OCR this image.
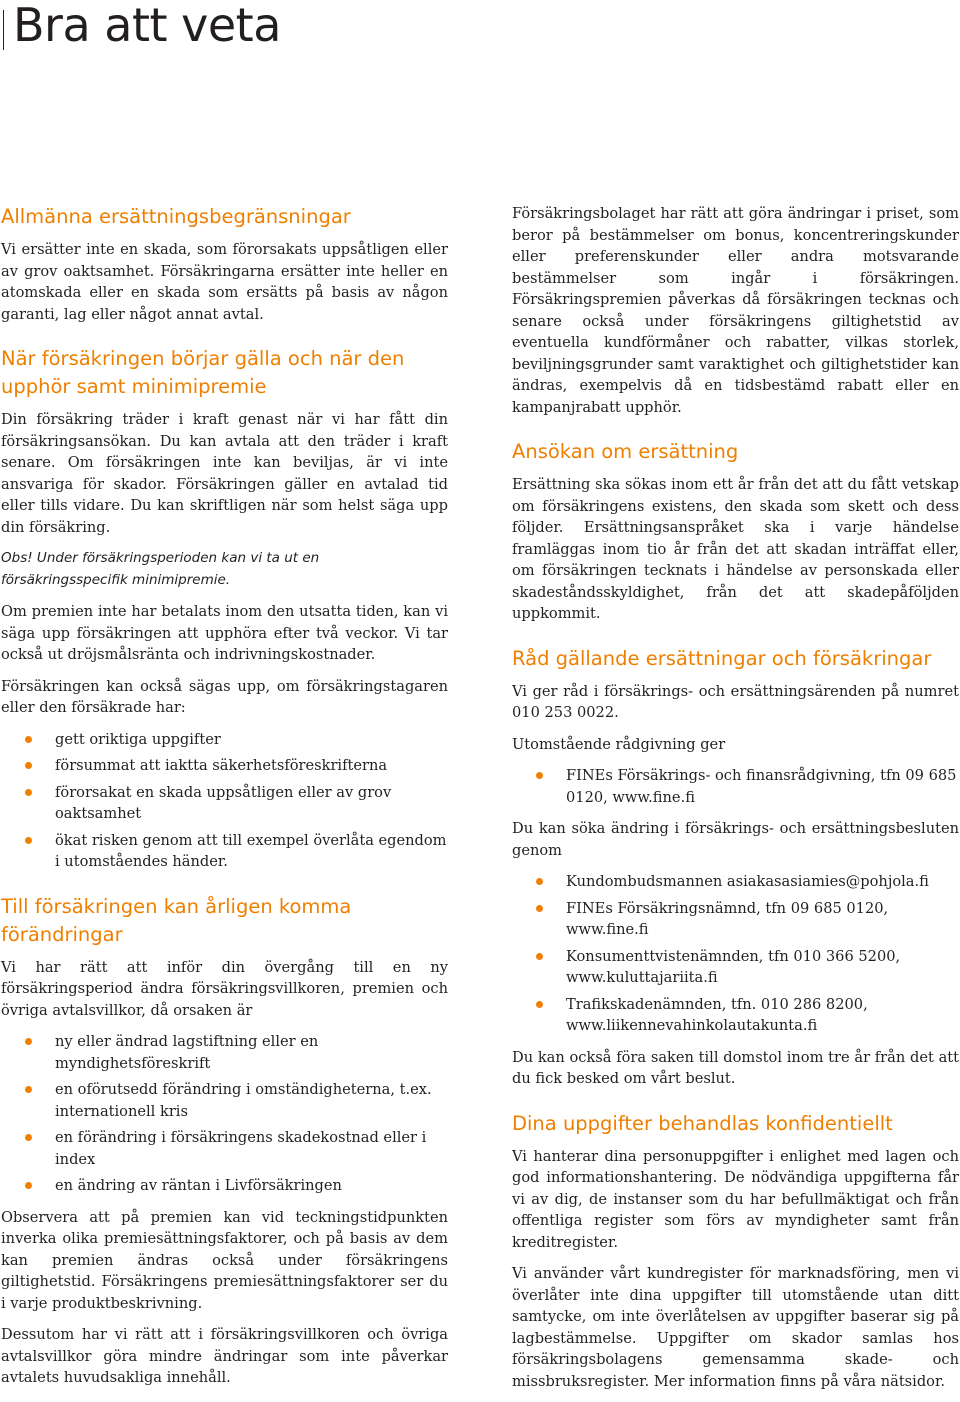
Bra att veta
Allmänna ersättningsbegränsningar

Vi ersätter inte en skada, som förorsakats uppsåtligen eller av grov oaktsamhet. Försäkringarna ersätter inte heller en atomskada eller en skada som ersätts på basis av någon garanti, lag eller något annat avtal.

När försäkringen börjar gälla och när den upphör samt minimipremie

Din försäkring träder i kraft genast när vi har fått din försäkringsansökan. Du kan avtala att den träder i kraft senare. Om försäkringen inte kan beviljas, är vi inte ansvariga för skador. Försäkringen gäller en avtalad tid eller tills vidare. Du kan skriftligen när som helst säga upp din försäkring.

Obs! Under försäkringsperioden kan vi ta ut en försäkringsspecifik minimipremie.

Om premien inte har betalats inom den utsatta tiden, kan vi säga upp försäkringen att upphöra efter två veckor. Vi tar också ut dröjsmålsränta och indrivningskostnader.

Försäkringen kan också sägas upp, om försäkringstagaren eller den försäkrade har:

gett oriktiga uppgifter
försummat att iaktta säkerhetsföreskrifterna
förorsakat en skada uppsåtligen eller av grov oaktsamhet
ökat risken genom att till exempel överlåta egendom i utomståendes händer.
Till försäkringen kan årligen komma förändringar

Vi har rätt att inför din övergång till en ny försäkringsperiod ändra försäkringsvillkoren, premien och övriga avtalsvillkor, då orsaken är

ny eller ändrad lagstiftning eller en myndighetsföreskrift
en oförutsedd förändring i omständigheterna, t.ex. internationell kris
en förändring i försäkringens skadekostnad eller i index
en ändring av räntan i Livförsäkringen

Observera att på premien kan vid teckningstidpunkten inverka olika premiesättningsfaktorer, och på basis av dem kan premien ändras också under försäkringens giltighetstid. Försäkringens premiesättningsfaktorer ser du i varje produktbeskrivning.

Dessutom har vi rätt att i försäkringsvillkoren och övriga avtalsvillkor göra mindre ändringar som inte påverkar avtalets huvudsakliga innehåll.

Försäkringsbolaget har rätt att göra ändringar i priset, som beror på bestämmelser om bonus, koncentreringskunder eller preferenskunder eller andra motsvarande bestämmelser som ingår i försäkringen. Försäkringspremien påverkas då försäkringen tecknas och senare också under försäkringens giltighetstid av eventuella kundförmåner och rabatter, vilkas storlek, beviljningsgrunder samt varaktighet och giltighetstider kan ändras, exempelvis då en tidsbestämd rabatt eller en kampanjrabatt upphör.

Ansökan om ersättning

Ersättning ska sökas inom ett år från det att du fått vetskap om försäkringens existens, den skada som skett och dess följder. Ersättningsanspråket ska i varje händelse framläggas inom tio år från det att skadan inträffat eller, om försäkringen tecknats i händelse av personskada eller skadeståndsskyldighet, från det att skadepåföljden uppkommit.

Råd gällande ersättningar och försäkringar

Vi ger råd i försäkrings- och ersättningsärenden på numret 010 253 0022.

Utomstående rådgivning ger

FINEs Försäkrings- och finansrådgivning, tfn 09 685 0120, www.fine.fi

Du kan söka ändring i försäkrings- och ersättningsbesluten genom

Kundombudsmannen asiakasasiamies@pohjola.fi
FINEs Försäkringsnämnd, tfn 09 685 0120, www.fine.fi
Konsumenttvistenämnden, tfn 010 366 5200, www.kuluttajariita.fi
Trafikskadenämnden, tfn. 010 286 8200, www.liikennevahinkolautakunta.fi

Du kan också föra saken till domstol inom tre år från det att du fick besked om vårt beslut.

Dina uppgifter behandlas konfidentiellt

Vi hanterar dina personuppgifter i enlighet med lagen och god informationshantering. De nödvändiga uppgifterna får vi av dig, de instanser som du har befullmäktigat och från offentliga register som förs av myndigheter samt från kreditregister.

Vi använder vårt kundregister för marknadsföring, men vi överlåter inte dina uppgifter till utomstående utan ditt samtycke, om inte överlåtelsen av uppgifter baserar sig på lagbestämmelse. Uppgifter om skador samlas hos försäkringsbolagens gemensamma skade- och missbruksregister. Mer information finns på våra nätsidor.
